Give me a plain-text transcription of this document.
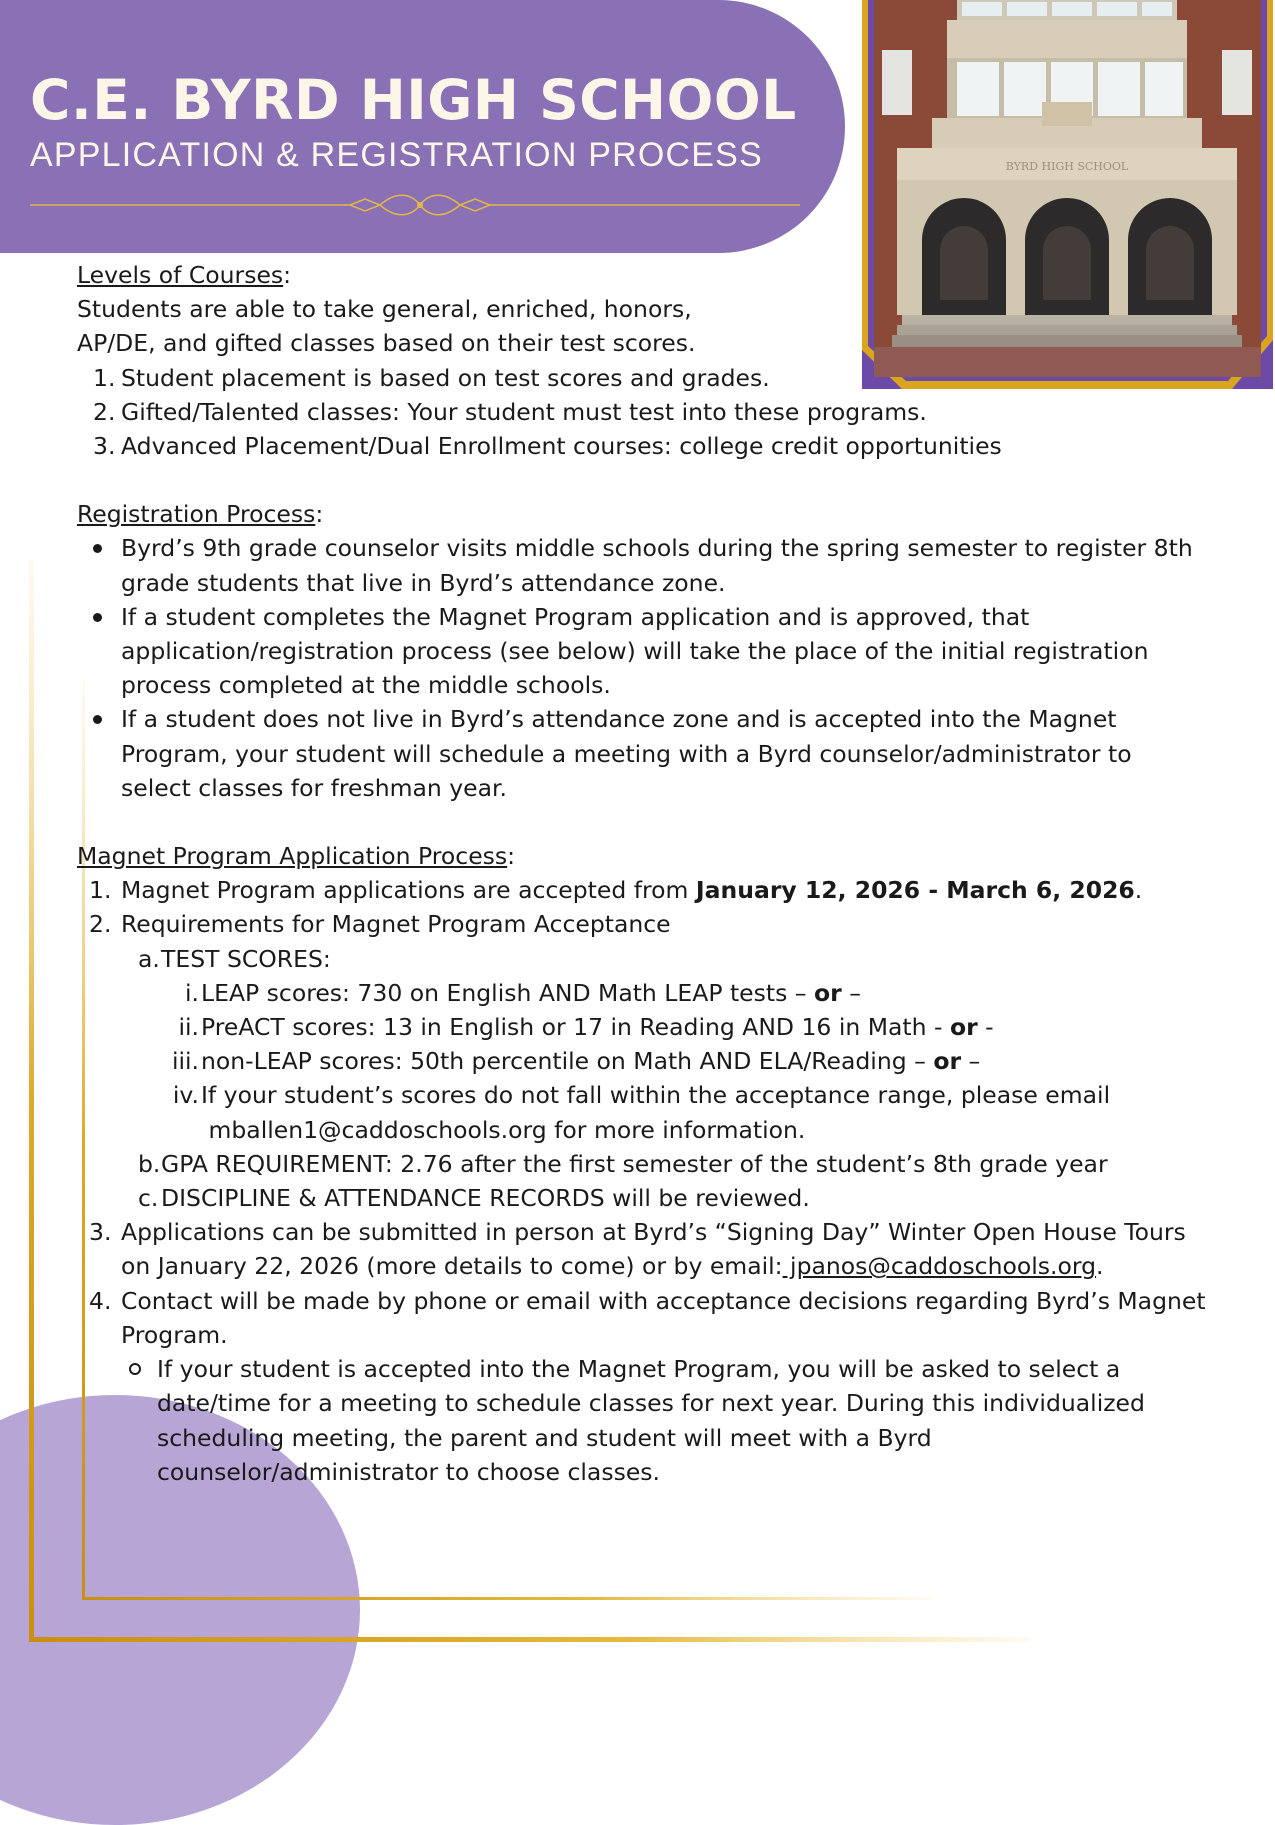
C.E. BYRD HIGH SCHOOL
APPLICATION & REGISTRATION PROCESS	BYRD HIGH SCHOOL

Levels of Courses:

Students are able to take general, enriched, honors,

AP/DE, and gifted classes based on their test scores.

1. Student placement is based on test scores and grades.
2. Gifted/Talented classes: Your student must test into these programs.
3. Advanced Placement/Dual Enrollment courses: college credit opportunities

Registration Process:

Byrd’s 9th grade counselor visits middle schools during the spring semester to register 8th grade students that live in Byrd’s attendance zone.
If a student completes the Magnet Program application and is approved, that application/registration process (see below) will take the place of the initial registration process completed at the middle schools.
If a student does not live in Byrd’s attendance zone and is accepted into the Magnet Program, your student will schedule a meeting with a Byrd counselor/administrator to select classes for freshman year.

Magnet Program Application Process:

1. Magnet Program applications are accepted from January 12, 2026 - March 6, 2026.
2. Requirements for Magnet Program Acceptance
a. TEST SCORES:
i. LEAP scores: 730 on English AND Math LEAP tests – or –
ii. PreACT scores: 13 in English or 17 in Reading AND 16 in Math - or -
iii. non-LEAP scores: 50th percentile on Math AND ELA/Reading – or –
iv. If your student’s scores do not fall within the acceptance range, please email
mballen1@caddoschools.org for more information.
b. GPA REQUIREMENT: 2.76 after the first semester of the student’s 8th grade year
c. DISCIPLINE & ATTENDANCE RECORDS will be reviewed.
3. Applications can be submitted in person at Byrd’s “Signing Day” Winter Open House Tours on January 22, 2026 (more details to come) or by email: jpanos@caddoschools.org.
4. Contact will be made by phone or email with acceptance decisions regarding Byrd’s Magnet Program.
If your student is accepted into the Magnet Program, you will be asked to select a date/time for a meeting to schedule classes for next year. During this individualized scheduling meeting, the parent and student will meet with a Byrd counselor/administrator to choose classes.
